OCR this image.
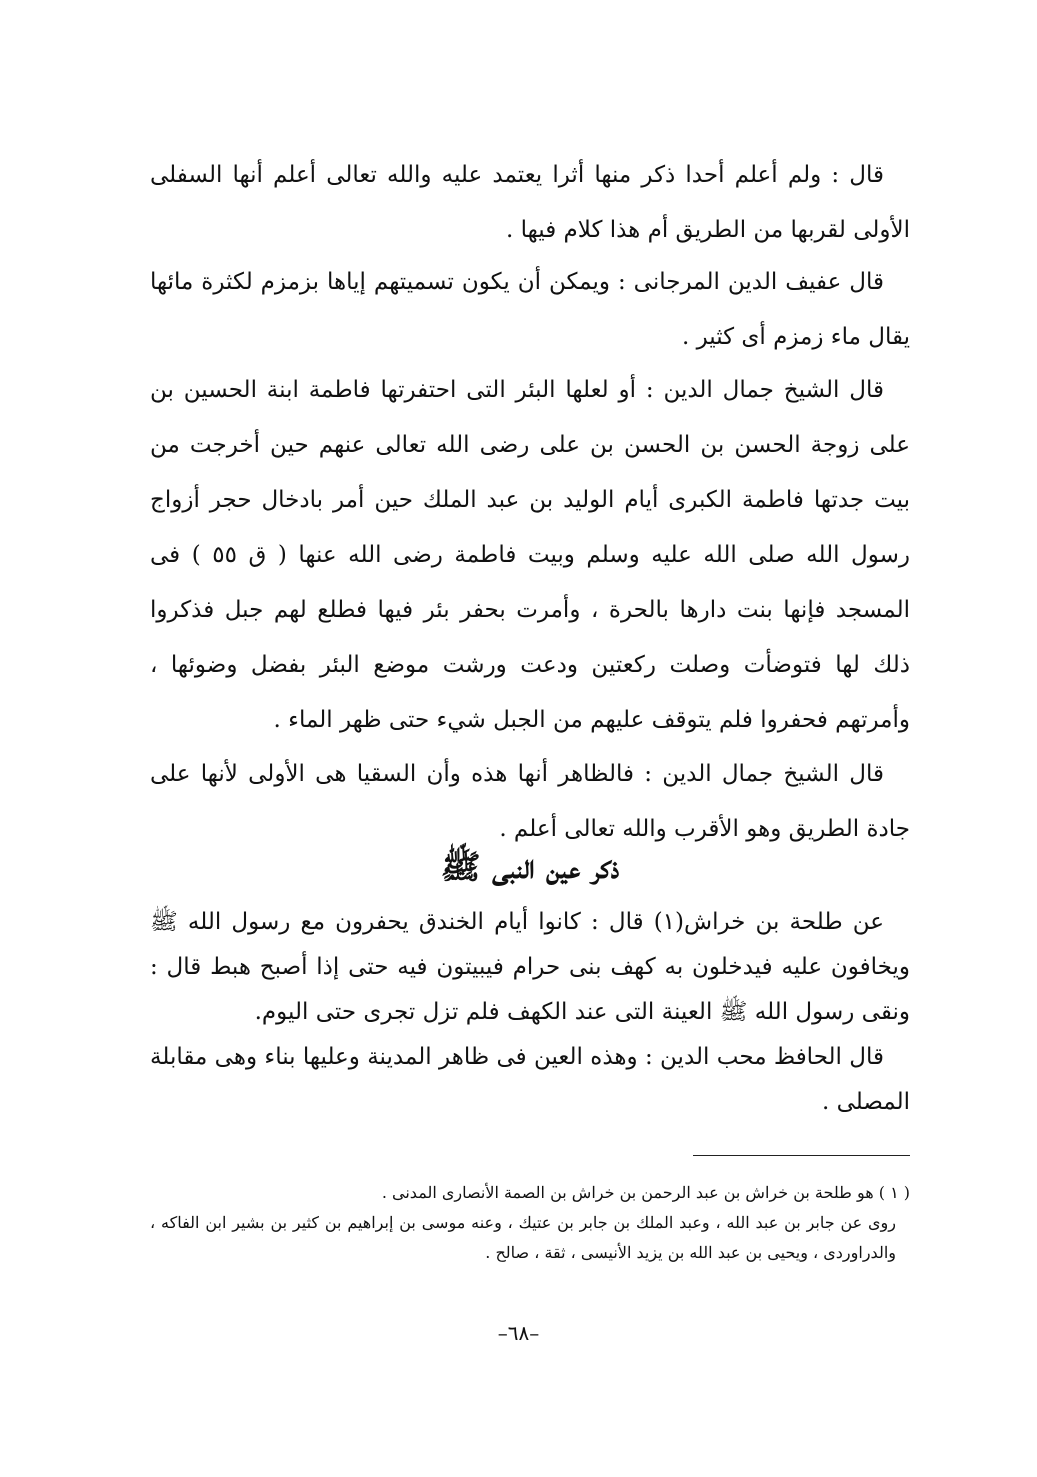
قال : ولم أعلم أحدا ذكر منها أثرا يعتمد عليه والله تعالى أعلم أنها السفلى الأولى لقربها من الطريق أم هذا كلام فيها .

قال عفيف الدين المرجانى : ويمكن أن يكون تسميتهم إياها بزمزم لكثرة مائها يقال ماء زمزم أى كثير .

قال الشيخ جمال الدين : أو لعلها البئر التى احتفرتها فاطمة ابنة الحسين بن على زوجة الحسن بن الحسن بن على رضى الله تعالى عنهم حين أخرجت من بيت جدتها فاطمة الكبرى أيام الوليد بن عبد الملك حين أمر بادخال حجر أزواج رسول الله صلى الله عليه وسلم وبيت فاطمة رضى الله عنها ( ق ٥٥ ) فى المسجد فإنها بنت دارها بالحرة ، وأمرت بحفر بئر فيها فطلع لهم جبل فذكروا ذلك لها فتوضأت وصلت ركعتين ودعت ورشت موضع البئر بفضل وضوئها ، وأمرتهم فحفروا فلم يتوقف عليهم من الجبل شيء حتى ظهر الماء .

قال الشيخ جمال الدين : فالظاهر أنها هذه وأن السقيا هى الأولى لأنها على جادة الطريق وهو الأقرب والله تعالى أعلم .

ذكر عين النبى ﷺ

عن طلحة بن خراش(١) قال : كانوا أيام الخندق يحفرون مع رسول الله ﷺ ويخافون عليه فيدخلون به كهف بنى حرام فيبيتون فيه حتى إذا أصبح هبط قال : ونقى رسول الله ﷺ العينة التى عند الكهف فلم تزل تجرى حتى اليوم.

قال الحافظ محب الدين : وهذه العين فى ظاهر المدينة وعليها بناء وهى مقابلة المصلى .

( ١ ) هو طلحة بن خراش بن عبد الرحمن بن خراش بن الصمة الأنصارى المدنى .

روى عن جابر بن عبد الله ، وعبد الملك بن جابر بن عتيك ، وعنه موسى بن إبراهيم بن كثير بن بشير ابن الفاكه ، والدراوردى ، ويحيى بن عبد الله بن يزيد الأنيسى ، ثقة ، صالح .

–٦٨–
